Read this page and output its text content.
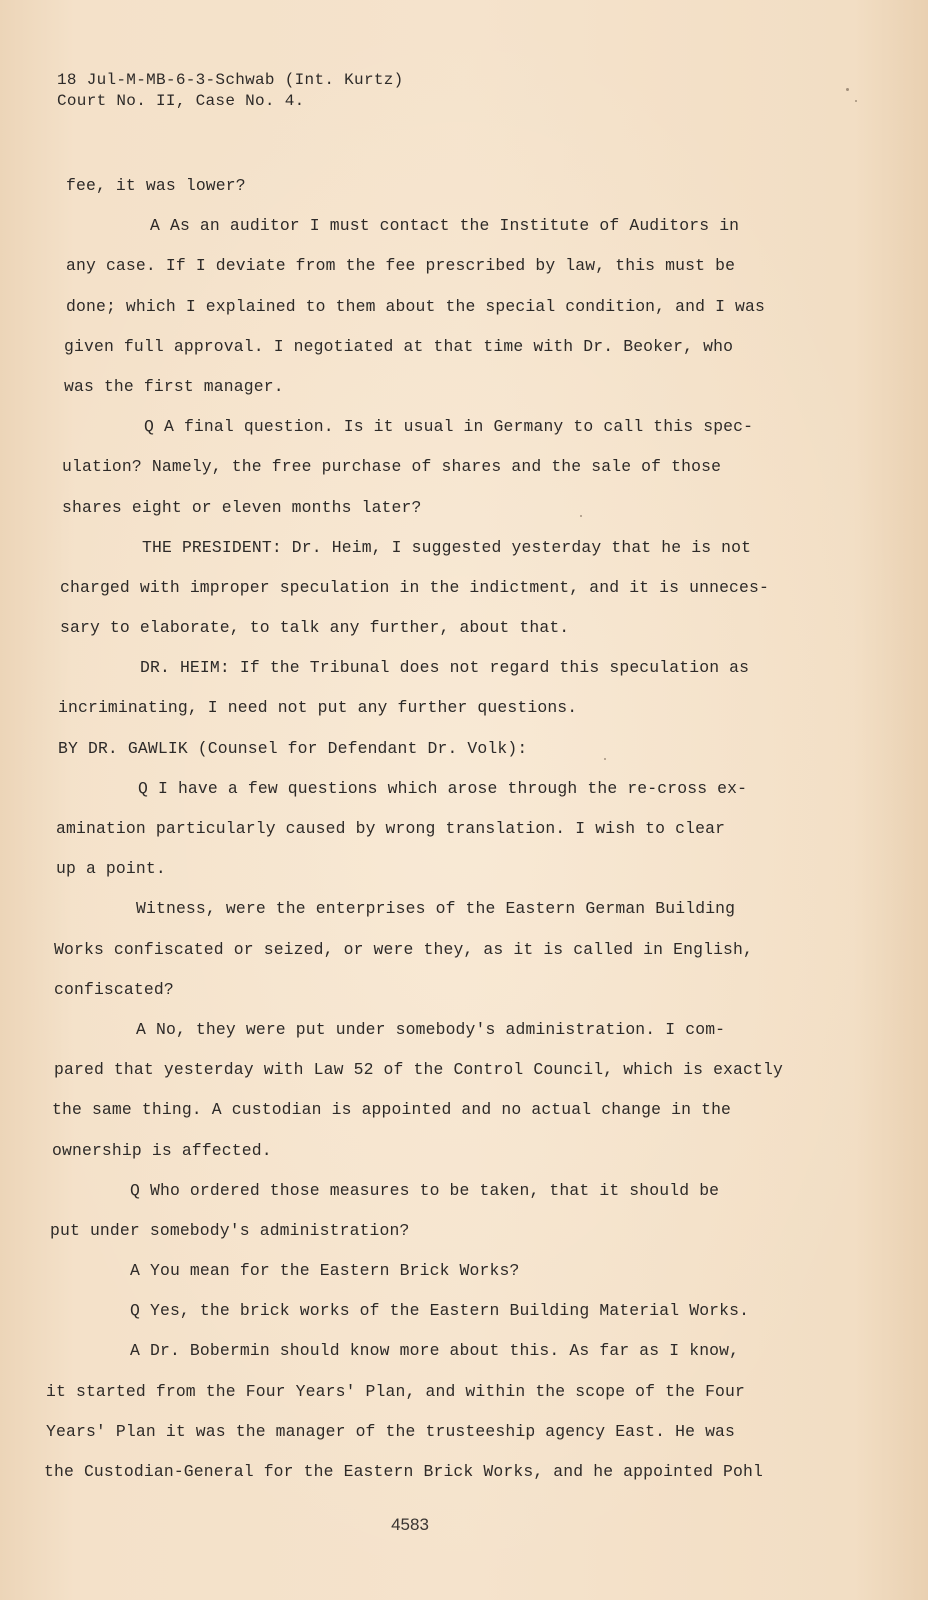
18 Jul-M-MB-6-3-Schwab (Int. Kurtz)
Court No. II, Case No. 4.
fee, it was lower?
A As an auditor I must contact the Institute of Auditors in
any case. If I deviate from the fee prescribed by law, this must be
done; which I explained to them about the special condition, and I was
given full approval. I negotiated at that time with Dr. Beoker, who
was the first manager.
Q A final question. Is it usual in Germany to call this spec-
ulation? Namely, the free purchase of shares and the sale of those
shares eight or eleven months later?
THE PRESIDENT: Dr. Heim, I suggested yesterday that he is not
charged with improper speculation in the indictment, and it is unneces-
sary to elaborate, to talk any further, about that.
DR. HEIM: If the Tribunal does not regard this speculation as
incriminating, I need not put any further questions.
BY DR. GAWLIK (Counsel for Defendant Dr. Volk):
Q I have a few questions which arose through the re-cross ex-
amination particularly caused by wrong translation. I wish to clear
up a point.
Witness, were the enterprises of the Eastern German Building
Works confiscated or seized, or were they, as it is called in English,
confiscated?
A No, they were put under somebody's administration. I com-
pared that yesterday with Law 52 of the Control Council, which is exactly
the same thing. A custodian is appointed and no actual change in the
ownership is affected.
Q Who ordered those measures to be taken, that it should be
put under somebody's administration?
A You mean for the Eastern Brick Works?
Q Yes, the brick works of the Eastern Building Material Works.
A Dr. Bobermin should know more about this. As far as I know,
it started from the Four Years' Plan, and within the scope of the Four
Years' Plan it was the manager of the trusteeship agency East. He was
the Custodian-General for the Eastern Brick Works, and he appointed Pohl
4583
